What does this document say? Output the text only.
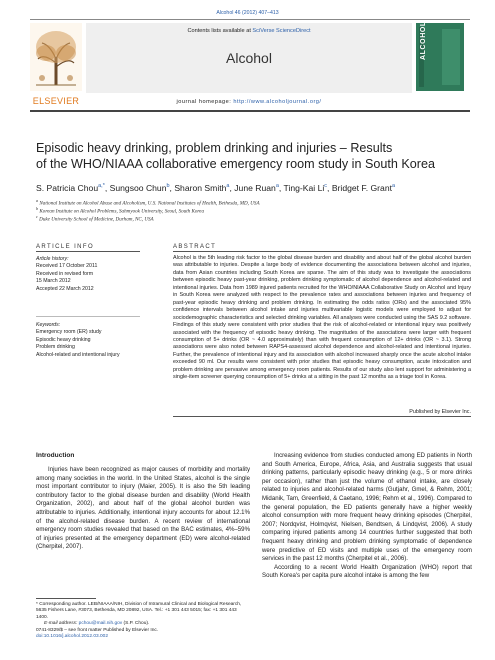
Alcohol 46 (2012) 407–413
ELSEVIER
Contents lists available at SciVerse ScienceDirect
Alcohol
journal homepage: http://www.alcoholjournal.org/
ALCOHOL
Episodic heavy drinking, problem drinking and injuries – Results
of the WHO/NIAAA collaborative emergency room study in South Korea
S. Patricia Chou$^{a,*}$, Sungsoo Chun$^b$, Sharon Smith$^a$, June Ruan$^a$, Ting-Kai Li$^c$, Bridget F. Grant$^a$
$^a$ National Institute on Alcohol Abuse and Alcoholism, U.S. National Institutes of Health, Bethesda, MD, USA
$^b$ Korean Institute on Alcohol Problems, Sahmyook University, Seoul, South Korea
$^c$ Duke University School of Medicine, Durham, NC, USA
ARTICLE INFO
Article history:
Received 17 October 2011
Received in revised form
15 March 2012
Accepted 22 March 2012
Keywords:
Emergency room (ER) study
Episodic heavy drinking
Problem drinking
Alcohol-related and intentional injury
ABSTRACT
Alcohol is the 5th leading risk factor to the global disease burden and disability and about half of the global alcohol burden was attributable to injuries. Despite a large body of evidence documenting the associations between alcohol and injuries, data from Asian countries including South Korea are sparse. The aim of this study was to investigate the associations between episodic heavy past-year drinking, problem drinking symptomatic of alcohol dependence and alcohol-related and intentional injuries. Data from 1989 injured patients recruited for the WHO/NIAAA Collaborative Study on Alcohol and Injury in South Korea were analyzed with respect to the prevalence rates and associations between injuries and frequency of past-year episodic heavy drinking and problem drinking. In estimating the odds ratios (ORs) and the associated 95% confidence intervals between alcohol intake and injuries multivariable logistic models were employed to adjust for sociodemographic characteristics and selected drinking variables. All analyses were conducted using the SAS 9.2 software. Findings of this study were consistent with prior studies that the risk of alcohol-related or intentional injury was positively associated with the frequency of episodic heavy drinking. The magnitudes of the associations were larger with frequent consumption of 5+ drinks (OR ~ 4.0 approximately) than with frequent consumption of 12+ drinks (OR ~ 3.1). Strong associations were also noted between RAPS4-assessed alcohol dependence and alcohol-related and intentional injuries. Further, the prevalence of intentional injury and its association with alcohol increased sharply once the acute alcohol intake exceeded 90 ml. Our results were consistent with prior studies that episodic heavy consumption, acute intoxication and problem drinking are pervasive among emergency room patients. Results of our study also lent support for administering a single-item screener querying consumption of 5+ drinks at a sitting in the past 12 months as a triage tool in Korea.
Published by Elsevier Inc.
Introduction
Injuries have been recognized as major causes of morbidity and mortality among many societies in the world. In the United States, alcohol is the single most important contributor to injury (Maier, 2005). It is also the 5th leading contributory factor to the global disease burden and disability (World Health Organization, 2002), and about half of the global alcohol burden was attributable to injuries. Additionally, intentional injury accounts for about 12.1% of the alcohol-related disease burden. A recent review of international emergency room studies revealed that based on the BAC estimates, 4%–59% of injuries presented at the emergency department (ED) were alcohol-related (Cherpitel, 2007).
* Corresponding author. LEB/NIAAA/NIH, Division of Intramural Clinical and Biological Research, 5635 Fishers Lane, #3073, Bethesda, MD 20892, USA. Tel.: +1 301 443 5015; fax: +1 301 443 1400.
E-mail address: pchou@mail.nih.gov (S.P. Chou).
0741-8329/$ – see front matter Published by Elsevier Inc.
doi:10.1016/j.alcohol.2012.03.002

Increasing evidence from studies conducted among ED patients in North and South America, Europe, Africa, Asia, and Australia suggests that usual drinking patterns, particularly episodic heavy drinking (e.g., 5 or more drinks per occasion), rather than just the volume of ethanol intake, are closely related to injuries and alcohol-related harms (Gutjahr, Gmel, & Rehm, 2001; Midanik, Tam, Greenfield, & Caetano, 1996; Rehm et al., 1996). Compared to the general population, the ED patients generally have a higher weekly alcohol consumption with more frequent heavy drinking episodes (Cherpitel, 2007; Nordqvist, Holmqvist, Nielsen, Bendtsen, & Lindqvist, 2006). A study comparing injured patients among 14 countries further suggested that both frequent heavy drinking and problem drinking symptomatic of dependence were predictive of ED visits and multiple uses of the emergency room services in the past 12 months (Cherpitel et al., 2006).

According to a recent World Health Organization (WHO) report that South Korea's per capita pure alcohol intake is among the few
